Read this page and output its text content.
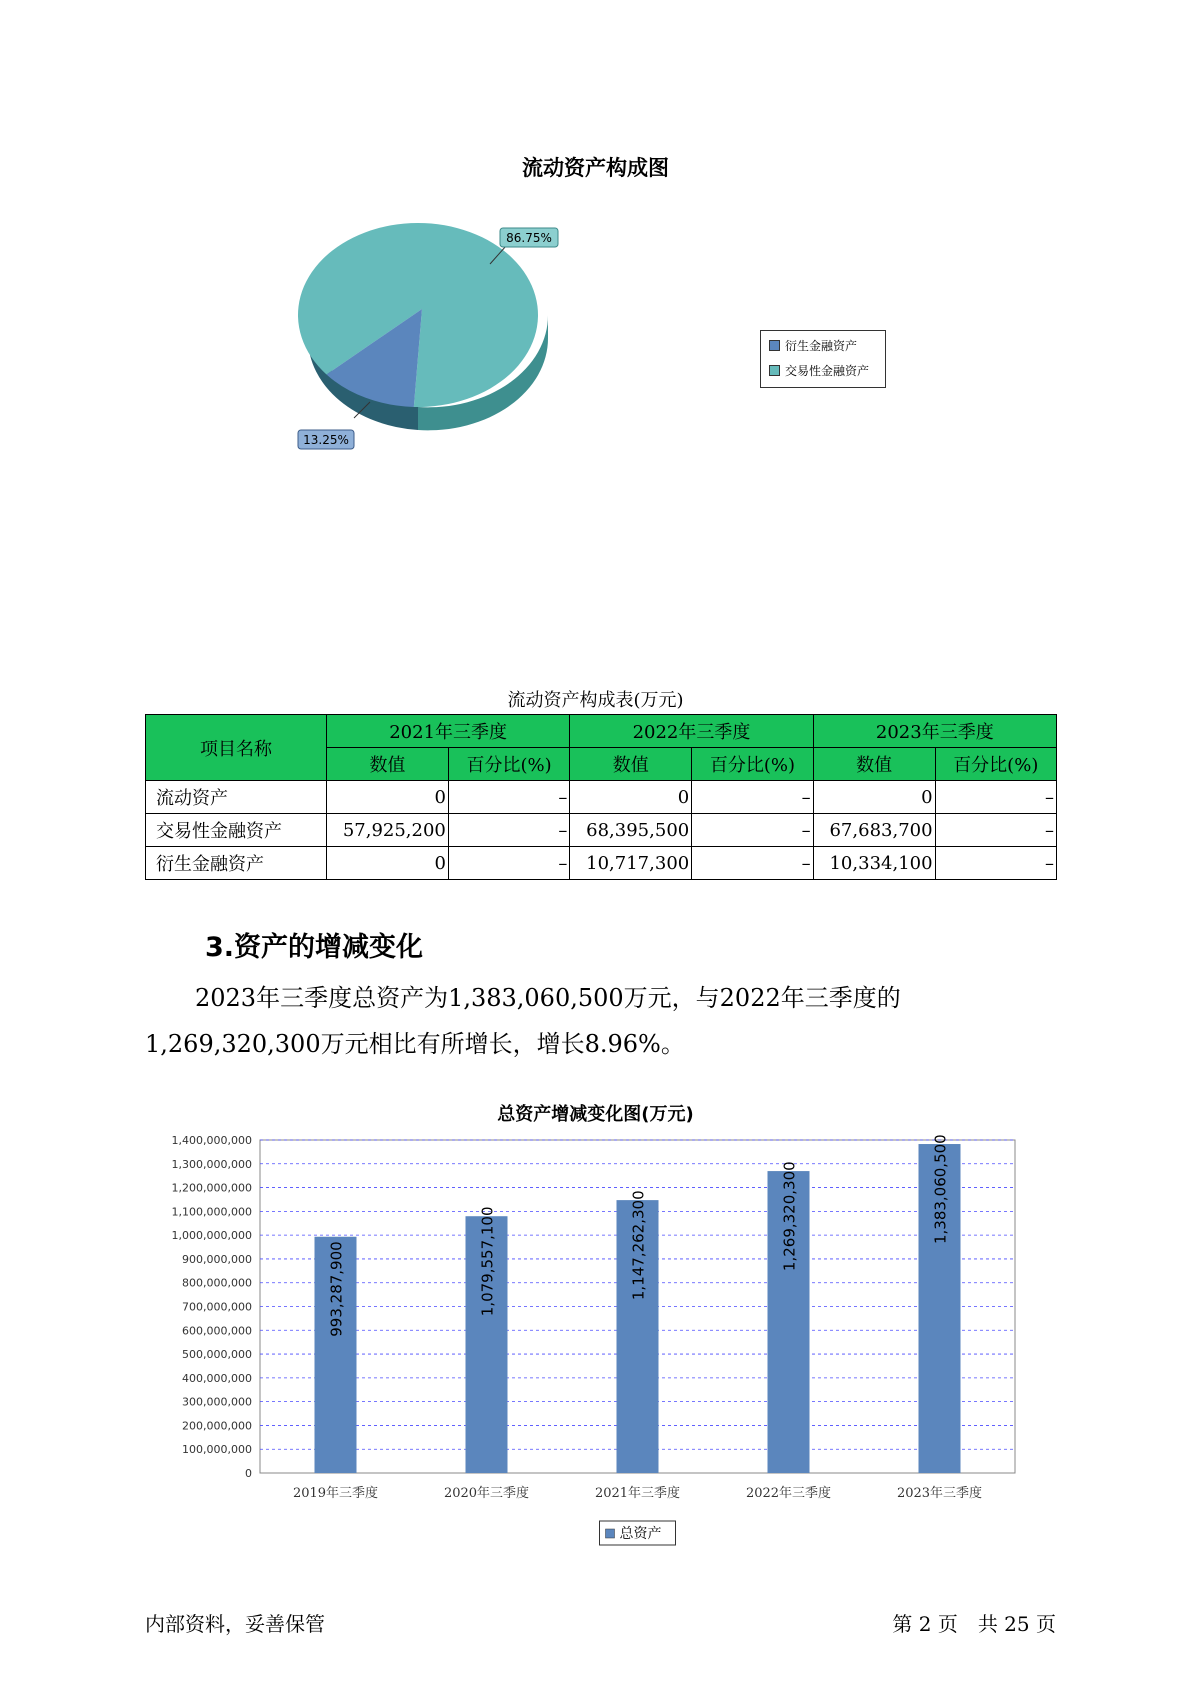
流动资产构成图
86.75%
13.25%
衍生金融资产
交易性金融资产
流动资产构成表(万元)
项目名称	2021年三季度		2022年三季度		2023年三季度	
	数值	百分比(%)	数值	百分比(%)	数值	百分比(%)
流动资产	0	–	0	–	0	–
交易性金融资产	57,925,200	–	68,395,500	–	67,683,700	–
衍生金融资产	0	–	10,717,300	–	10,334,100	–
3.资产的增减变化
2023年三季度总资产为1,383,060,500万元，与2022年三季度的
1,269,320,300万元相比有所增长，增长8.96%。
总资产增减变化图(万元)
0
100,000,000
200,000,000
300,000,000
400,000,000
500,000,000
600,000,000
700,000,000
800,000,000
900,000,000
1,000,000,000
1,100,000,000
1,200,000,000
1,300,000,000
1,400,000,000
993,287,900
2019年三季度
1,079,557,100
2020年三季度
1,147,262,300
2021年三季度
1,269,320,300
2022年三季度
1,383,060,500
2023年三季度
总资产
内部资料，妥善保管	第 2 页　共 25 页
